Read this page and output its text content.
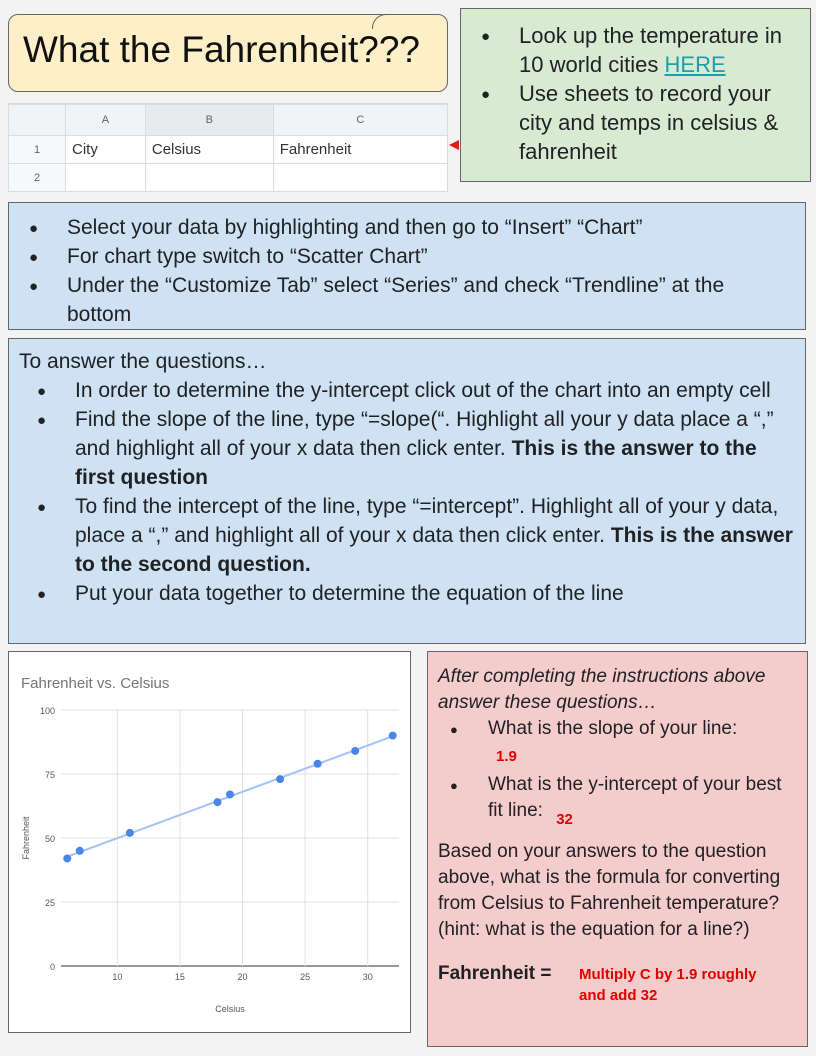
What the Fahrenheit???	● Look up the temperature in 10 world cities HERE
● Use sheets to record your city and temps in celsius & fahrenheit
	A	B	C
1	City	Celsius	Fahrenheit
2			
● Select your data by highlighting and then go to “Insert” “Chart”
● For chart type switch to “Scatter Chart”
● Under the “Customize Tab” select “Series” and check “Trendline” at the bottom
To answer the questions…
● In order to determine the y-intercept click out of the chart into an empty cell
● Find the slope of the line, type “=slope(“. Highlight all your y data place a “,” and highlight all of your x data then click enter. This is the answer to the first question
● To find the intercept of the line, type “=intercept”. Highlight all of your y data, place a “,” and highlight all of your x data then click enter. This is the answer to the second question.
● Put your data together to determine the equation of the line
Fahrenheit vs. Celsius
0
25
50
75
100
10	15	20	25	30
Celsius
Fahrenheit
After completing the instructions above answer these questions…
● What is the slope of your line:
1.9
● What is the y-intercept of your best fit line: $_{32}$
Based on your answers to the question above, what is the formula for converting from Celsius to Fahrenheit temperature? (hint: what is the equation for a line?)
Fahrenheit = Multiply C by 1.9 roughly and add 32
